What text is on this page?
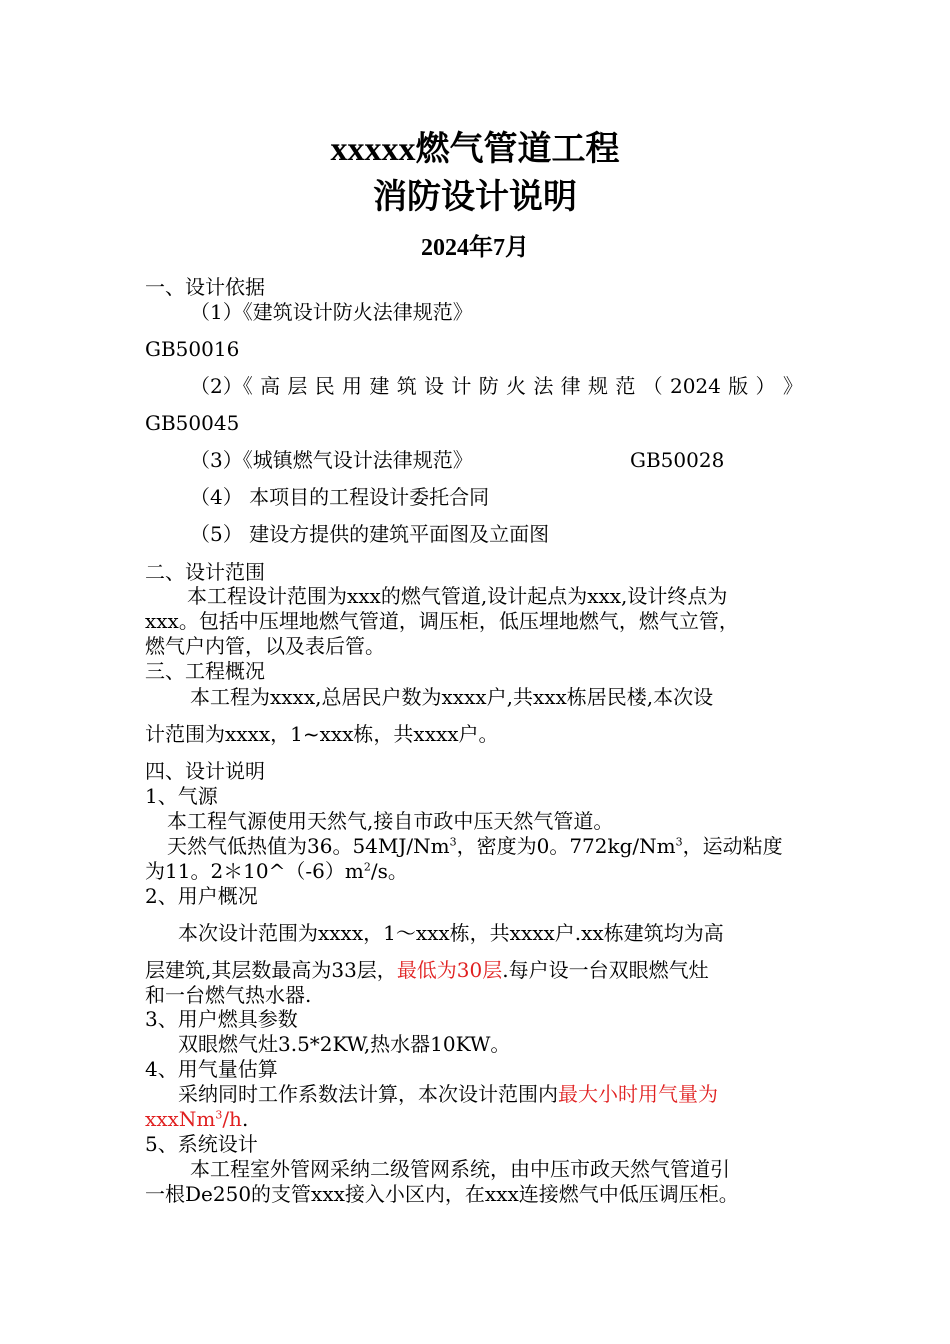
xxxxx燃气管道工程
消防设计说明
2024年7月
一、设计依据
（1）《建筑设计防火法律规范》
GB50016
（2）《 高 层 民 用 建 筑 设 计 防 火 法 律 规 范 （ 2024 版 ） 》
GB50045
（3）《城镇燃气设计法律规范》	GB50028
（4） 本项目的工程设计委托合同
（5） 建设方提供的建筑平面图及立面图
二、设计范围
本工程设计范围为xxx的燃气管道,设计起点为xxx,设计终点为
xxx。包括中压埋地燃气管道，调压柜，低压埋地燃气，燃气立管，
燃气户内管，以及表后管。
三、工程概况
本工程为xxxx,总居民户数为xxxx户,共xxx栋居民楼,本次设
计范围为xxxx，1~xxx栋，共xxxx户。
四、设计说明
1、气源
本工程气源使用天然气,接自市政中压天然气管道。
天然气低热值为36。54MJ/Nm$^3$，密度为0。772kg/Nm$^3$，运动粘度
为11。$2*10\^{}(-6)m^2/s$。
2、用户概况
本次设计范围为xxxx，1～xxx栋，共xxxx户.xx栋建筑均为高
层建筑,其层数最高为33层，最低为30层.每户设一台双眼燃气灶
和一台燃气热水器.
3、用户燃具参数
双眼燃气灶3.5*2KW,热水器10KW。
4、用气量估算
采纳同时工作系数法计算，本次设计范围内最大小时用气量为
xxxNm$^3$/h.
5、系统设计
本工程室外管网采纳二级管网系统，由中压市政天然气管道引
一根De250的支管xxx接入小区内，在xxx连接燃气中低压调压柜。
